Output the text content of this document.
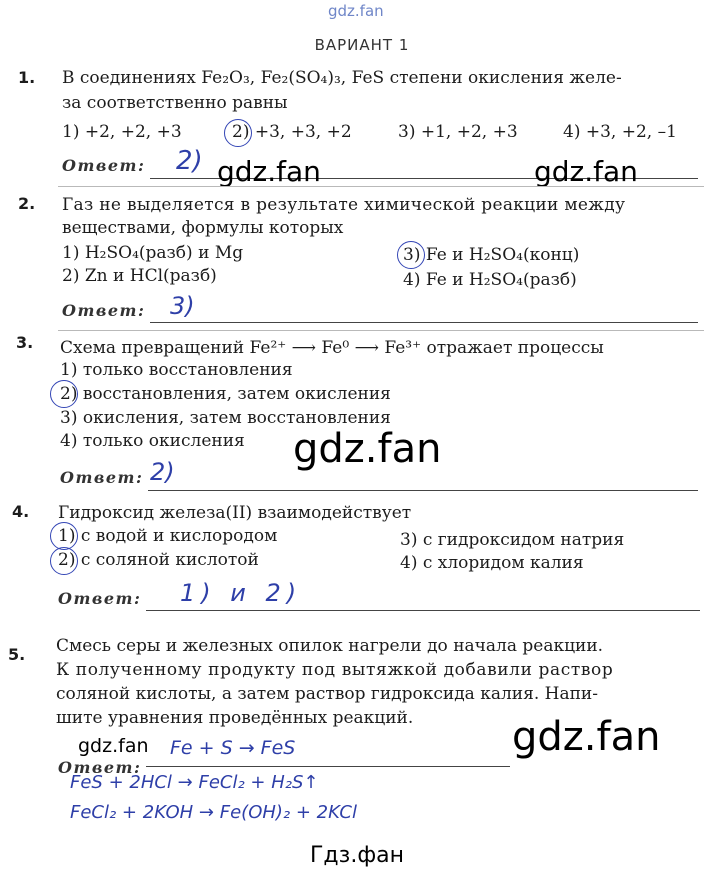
gdz.fan
ВАРИАНТ 1
1. В соединениях Fe₂O₃, Fe₂(SO₄)₃, FeS степени окисления желе-
за соответственно равны
1) +2, +2, +3	2) +3, +3, +2	3) +1, +2, +3	4) +3, +2, –1
Ответ: 2) gdz.fan	gdz.fan
2. Газ не выделяется в результате химической реакции между
веществами, формулы которых
1) H₂SO₄(разб) и Mg
2) Zn и HCl(разб)
3) Fe и H₂SO₄(конц)
4) Fe и H₂SO₄(разб)
Ответ: 3)
3. Схема превращений Fe²⁺ ⟶ Fe⁰ ⟶ Fe³⁺ отражает процессы
1) только восстановления
2) восстановления, затем окисления
3) окисления, затем восстановления
4) только окисления gdz.fan
Ответ: 2)
4. Гидроксид железа(II) взаимодействует
1) с водой и кислородом
2) с соляной кислотой
3) с гидроксидом натрия
4) с хлоридом калия
Ответ: 1) и 2)
5. Смесь серы и железных опилок нагрели до начала реакции.
К полученному продукту под вытяжкой добавили раствор
соляной кислоты, а затем раствор гидроксида калия. Напи-
шите уравнения проведённых реакций. gdz.fan
gdz.fan Fe + S → FeS
Ответ:
FeS + 2HCl → FeCl₂ + H₂S↑
FeCl₂ + 2KOH → Fe(OH)₂ + 2KCl
Гдз.фан
